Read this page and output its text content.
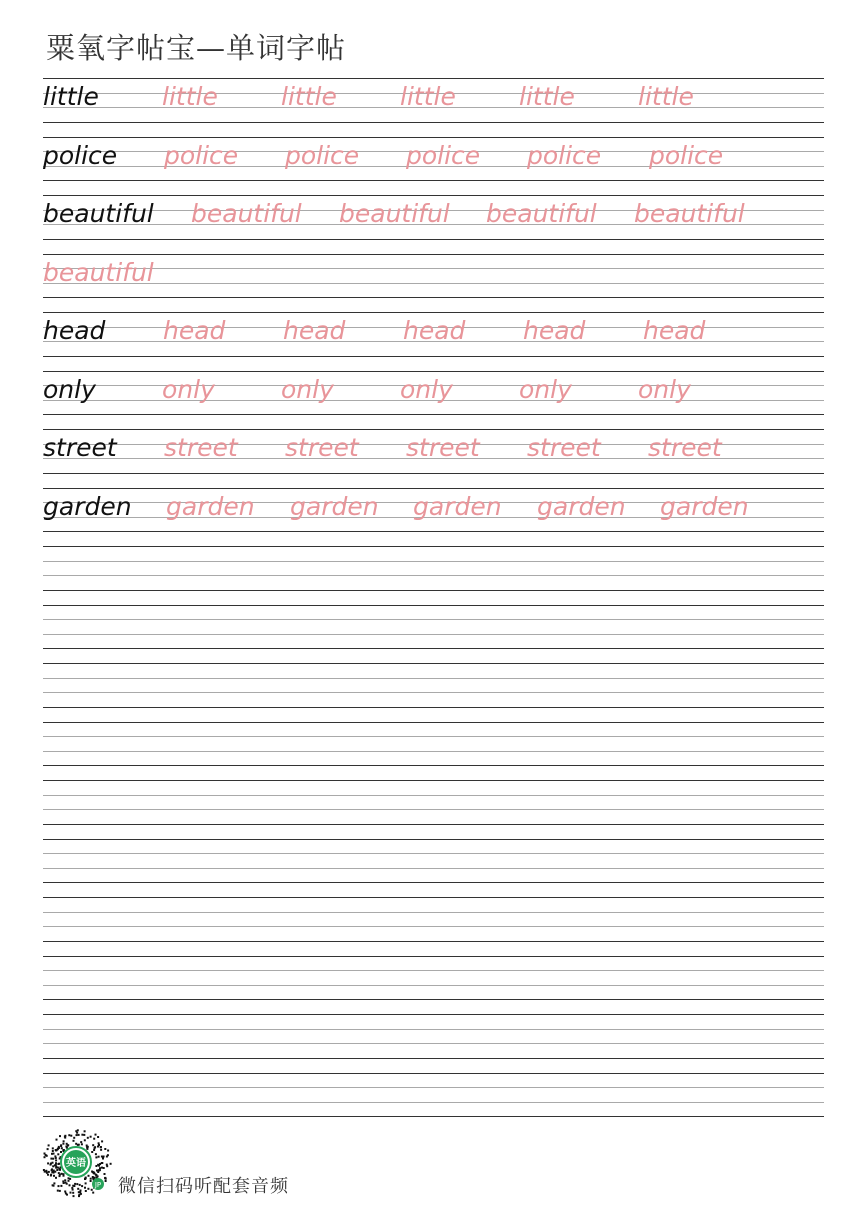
粟氧字帖宝—单词字帖
little	little	little	little	little	little
police police police police police police
beautiful beautiful beautiful beautiful beautiful
beautiful
head head head head head head
only	only	only	only	only	only
street street street street street street
garden garden garden garden garden garden
英语
JP 微信扫码听配套音频
